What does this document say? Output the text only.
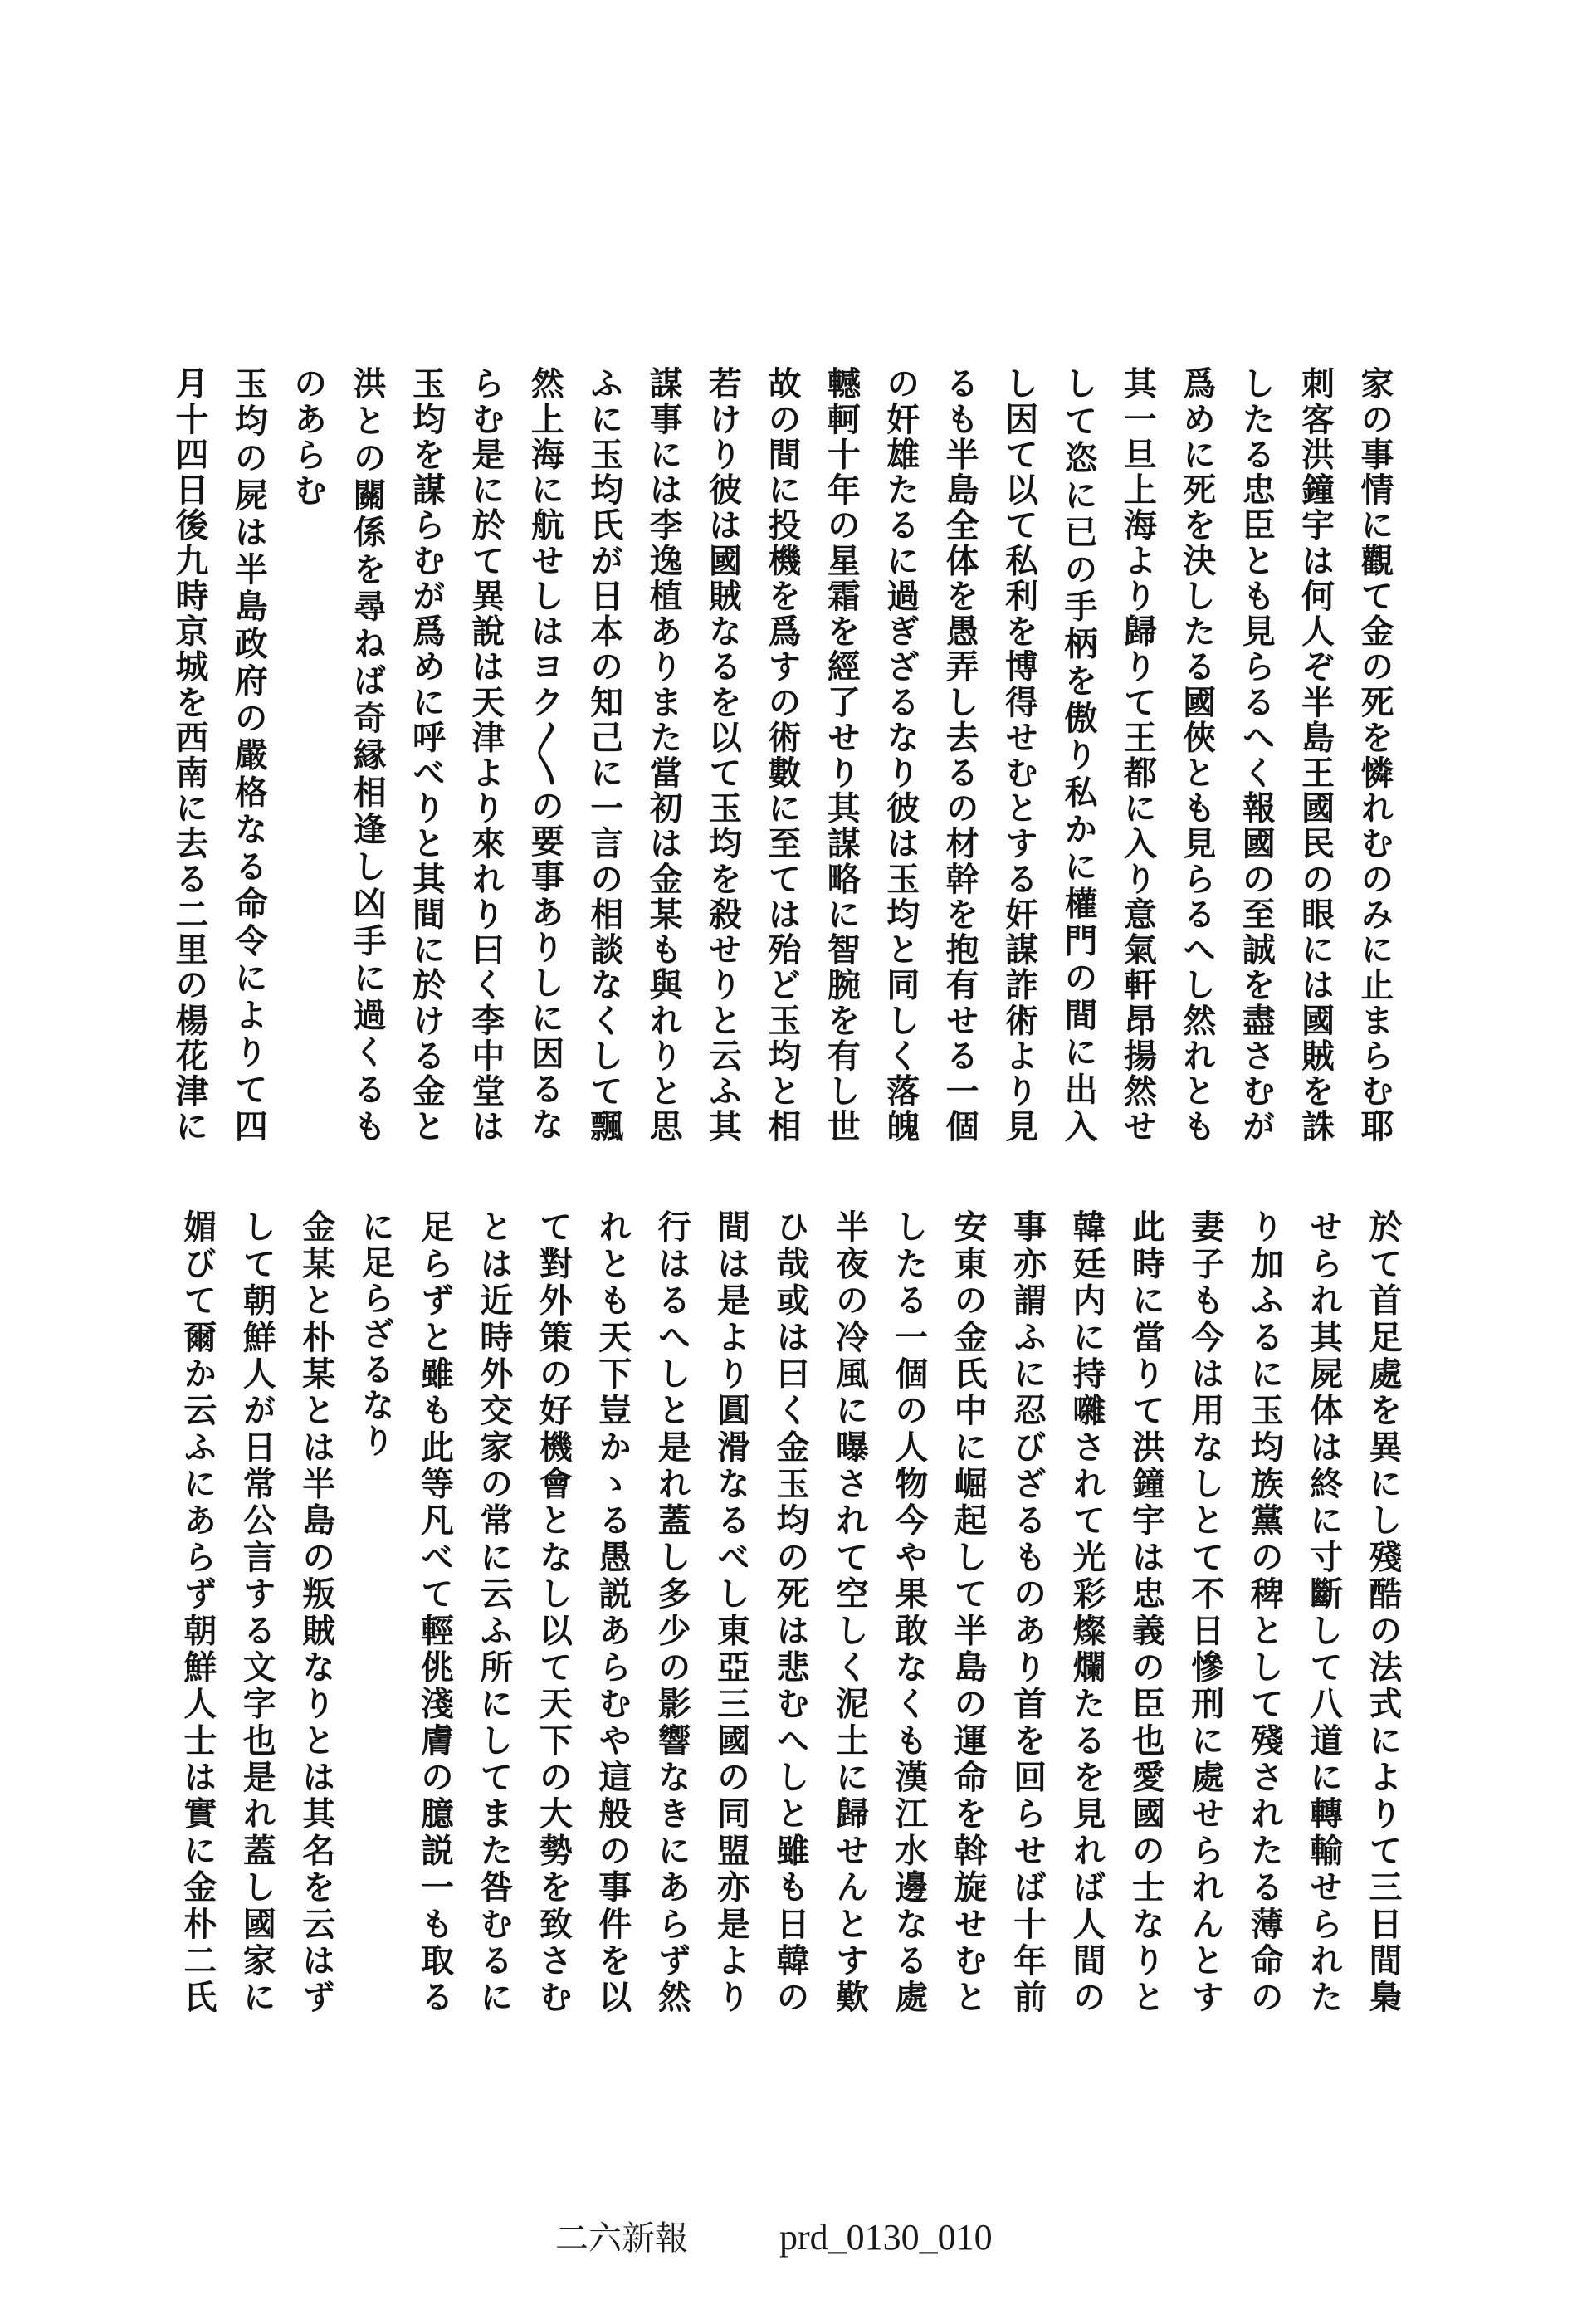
家の事情に觀て金の死を憐れむのみに止まらむ耶
刺客洪鐘宇は何人ぞ半島王國民の眼には國賊を誅
したる忠臣とも見らるへく報國の至誠を盡さむが
爲めに死を決したる國俠とも見らるへし然れとも
其一旦上海より歸りて王都に入り意氣軒昂揚然せ
して恣に已の手柄を傲り私かに權門の間に出入
し因て以て私利を博得せむとする奸謀詐術より見
るも半島全体を愚弄し去るの材幹を抱有せる一個
の奸雄たるに過ぎざるなり彼は玉均と同しく落魄
轗軻十年の星霜を經了せり其謀略に智腕を有し世
故の間に投機を爲すの術數に至ては殆ど玉均と相
若けり彼は國賊なるを以て玉均を殺せりと云ふ其
謀事には李逸植ありまた當初は金某も與れりと思
ふに玉均氏が日本の知己に一言の相談なくして飄
然上海に航せしはヨク〳〵の要事ありしに因るな
らむ是に於て異說は天津より來れり曰く李中堂は
玉均を謀らむが爲めに呼べりと其間に於ける金と
洪との關係を尋ねば奇縁相逢し凶手に過くるも
のあらむ
玉均の屍は半島政府の嚴格なる命令によりて四
月十四日後九時京城を西南に去る二里の楊花津に
於て首足處を異にし殘酷の法式によりて三日間梟
せられ其屍体は終に寸斷して八道に轉輸せられた
り加ふるに玉均族黨の稗として殘されたる薄命の
妻子も今は用なしとて不日慘刑に處せられんとす
此時に當りて洪鐘宇は忠義の臣也愛國の士なりと
韓廷内に持囃されて光彩燦爛たるを見れば人間の
事亦謂ふに忍びざるものあり首を回らせば十年前
安東の金氏中に崛起して半島の運命を斡旋せむと
したる一個の人物今や果敢なくも漢江水邊なる處
半夜の冷風に曝されて空しく泥土に歸せんとす歎
ひ哉或は曰く金玉均の死は悲むへしと雖も日韓の
間は是より圓滑なるべし東亞三國の同盟亦是より
行はるへしと是れ蓋し多少の影響なきにあらず然
れとも天下豈かゝる愚説あらむや這般の事件を以
て對外策の好機會となし以て天下の大勢を致さむ
とは近時外交家の常に云ふ所にしてまた咎むるに
足らずと雖も此等凡べて輕佻淺膚の臆説一も取る
に足らざるなり
金某と朴某とは半島の叛賊なりとは其名を云はず
して朝鮮人が日常公言する文字也是れ蓋し國家に
媚びて爾か云ふにあらず朝鮮人士は實に金朴二氏
二六新報	prd_0130_010
